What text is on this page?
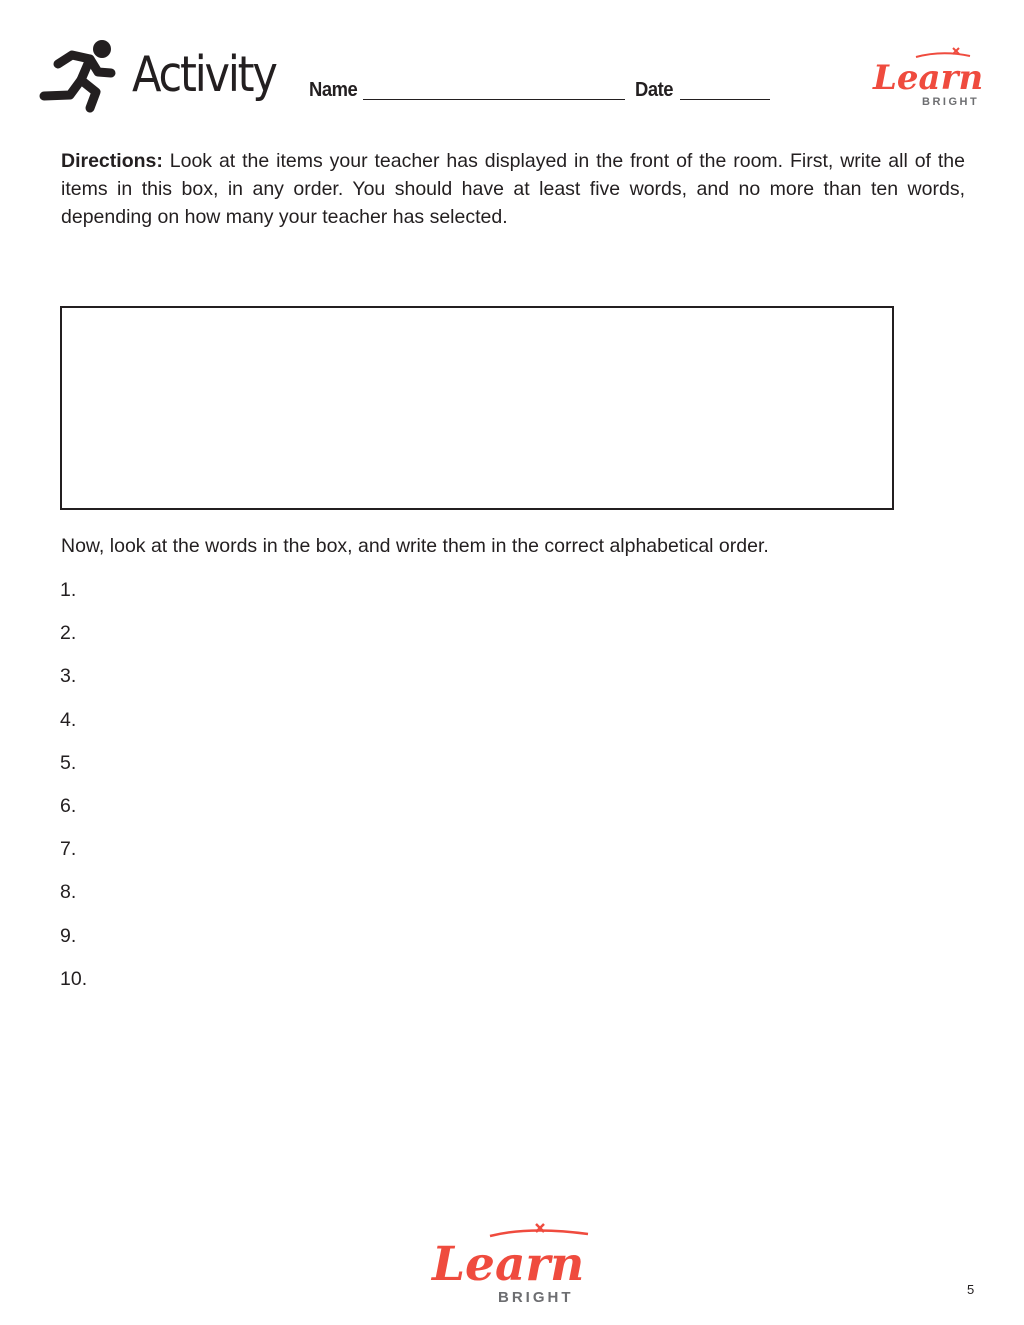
Activity Name	Date	Learn
BRIGHT
Directions: Look at the items your teacher has displayed in the front of the room. First, write all of the items in this box, in any order. You should have at least five words, and no more than ten words, depending on how many your teacher has selected.
Now, look at the words in the box, and write them in the correct alphabetical order.
1.
2.
3.
4.
5.
6.
7.
8.
9.
10.
Learn
BRIGHT	5
